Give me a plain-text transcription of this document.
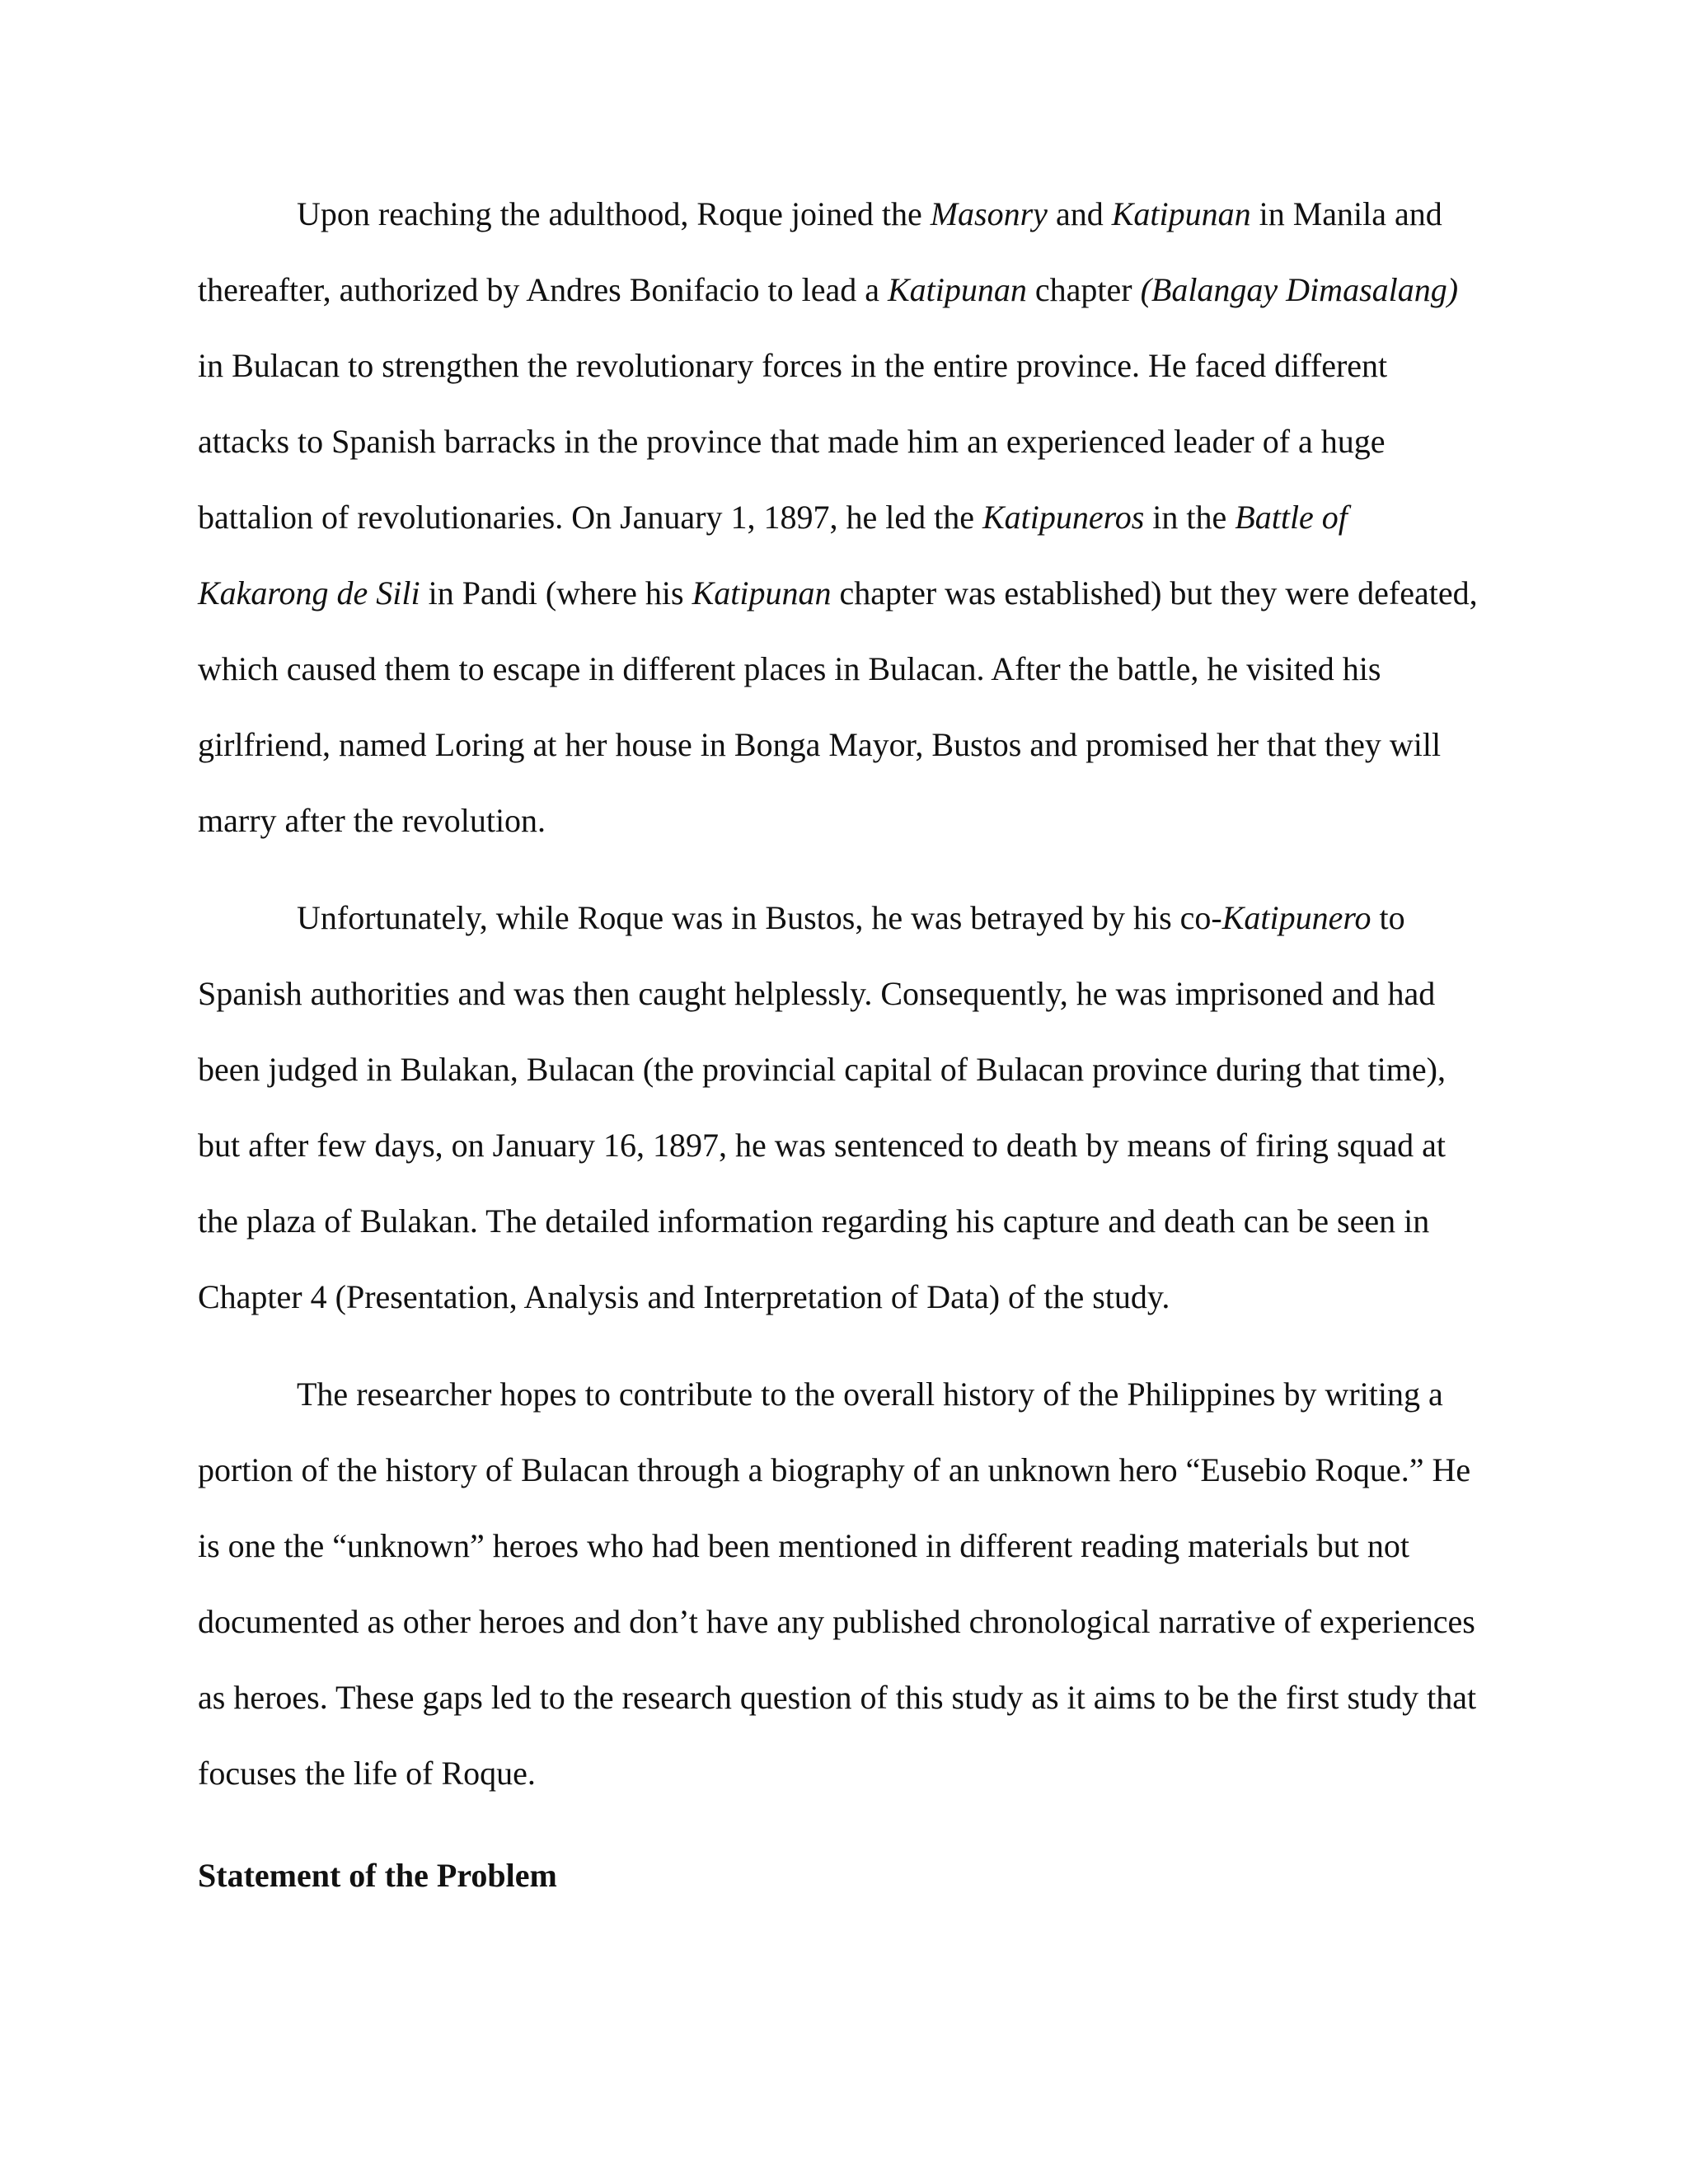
Upon reaching the adulthood, Roque joined the Masonry and Katipunan in Manila and

thereafter, authorized by Andres Bonifacio to lead a Katipunan chapter (Balangay Dimasalang)

in Bulacan to strengthen the revolutionary forces in the entire province. He faced different

attacks to Spanish barracks in the province that made him an experienced leader of a huge

battalion of revolutionaries. On January 1, 1897, he led the Katipuneros in the Battle of

Kakarong de Sili in Pandi (where his Katipunan chapter was established) but they were defeated,

which caused them to escape in different places in Bulacan. After the battle, he visited his

girlfriend, named Loring at her house in Bonga Mayor, Bustos and promised her that they will

marry after the revolution.

Unfortunately, while Roque was in Bustos, he was betrayed by his co-Katipunero to

Spanish authorities and was then caught helplessly. Consequently, he was imprisoned and had

been judged in Bulakan, Bulacan (the provincial capital of Bulacan province during that time),

but after few days, on January 16, 1897, he was sentenced to death by means of firing squad at

the plaza of Bulakan. The detailed information regarding his capture and death can be seen in

Chapter 4 (Presentation, Analysis and Interpretation of Data) of the study.

The researcher hopes to contribute to the overall history of the Philippines by writing a

portion of the history of Bulacan through a biography of an unknown hero “Eusebio Roque.” He

is one the “unknown” heroes who had been mentioned in different reading materials but not

documented as other heroes and don’t have any published chronological narrative of experiences

as heroes. These gaps led to the research question of this study as it aims to be the first study that

focuses the life of Roque.

Statement of the Problem
